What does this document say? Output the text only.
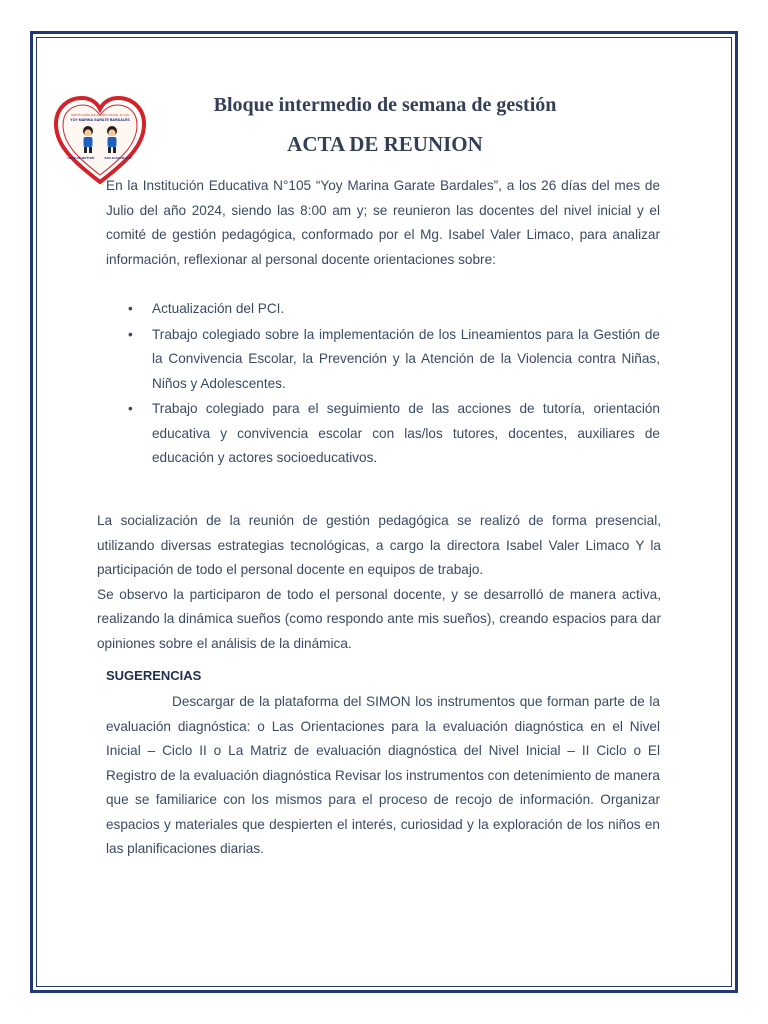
INSTITUCIÓN EDUCATIVA INICIAL N° 105
YOY MARINA GARATE BARDALES
CRUZ DE MOTUPE	SAN JUAN DE LUR
Bloque intermedio de semana de gestión
ACTA DE REUNION

En la Institución Educativa N°105 “Yoy Marina Garate Bardales”, a los 26 días del mes de Julio del año 2024, siendo las 8:00 am y; se reunieron las docentes del nivel inicial y el comité de gestión pedagógica, conformado por el Mg. Isabel Valer Limaco, para analizar información, reflexionar al personal docente orientaciones sobre:

• Actualización del PCI.
• Trabajo colegiado sobre la implementación de los Lineamientos para la Gestión de la Convivencia Escolar, la Prevención y la Atención de la Violencia contra Niñas, Niños y Adolescentes.
• Trabajo colegiado para el seguimiento de las acciones de tutoría, orientación educativa y convivencia escolar con las/los tutores, docentes, auxiliares de educación y actores socioeducativos.
La socialización de la reunión de gestión pedagógica se realizó de forma presencial, utilizando diversas estrategias tecnológicas, a cargo la directora Isabel Valer Limaco Y la participación de todo el personal docente en equipos de trabajo.
Se observo la participaron de todo el personal docente, y se desarrolló de manera activa, realizando la dinámica sueños (como respondo ante mis sueños), creando espacios para dar opiniones sobre el análisis de la dinámica.
SUGERENCIAS

Descargar de la plataforma del SIMON los instrumentos que forman parte de la evaluación diagnóstica: o Las Orientaciones para la evaluación diagnóstica en el Nivel Inicial – Ciclo II o La Matriz de evaluación diagnóstica del Nivel Inicial – II Ciclo o El Registro de la evaluación diagnóstica Revisar los instrumentos con detenimiento de manera que se familiarice con los mismos para el proceso de recojo de información. Organizar espacios y materiales que despierten el interés, curiosidad y la exploración de los niños en las planificaciones diarias.
